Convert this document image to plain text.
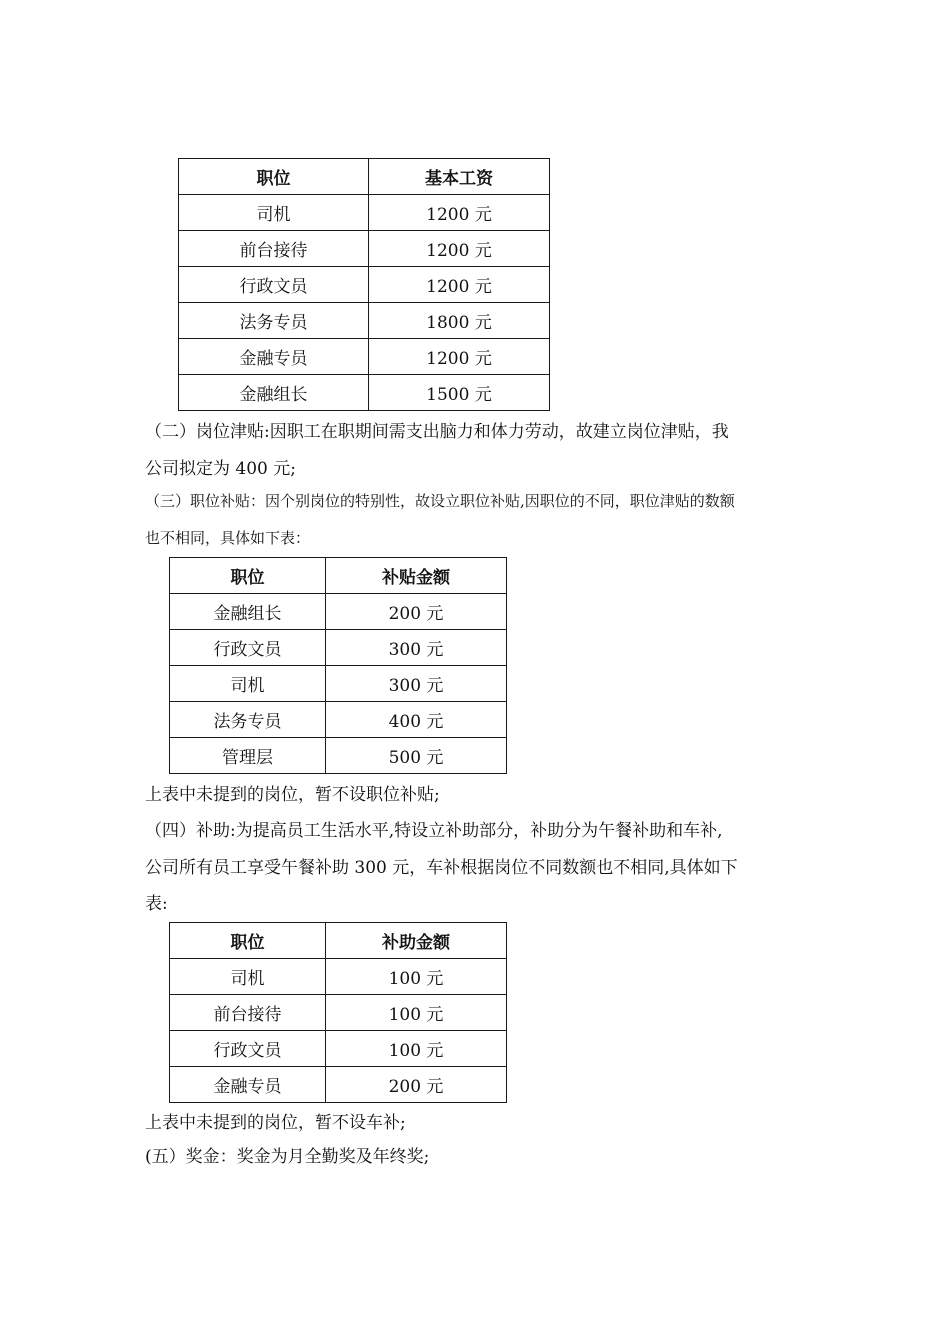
职位	基本工资
司机	1200 元
前台接待	1200 元
行政文员	1200 元
法务专员	1800 元
金融专员	1200 元
金融组长	1500 元
（二）岗位津贴:因职工在职期间需支出脑力和体力劳动，故建立岗位津贴，我
公司拟定为 400 元;
（三）职位补贴：因个别岗位的特别性，故设立职位补贴,因职位的不同，职位津贴的数额
也不相同，具体如下表：
职位	补贴金额
金融组长	200 元
行政文员	300 元
司机	300 元
法务专员	400 元
管理层	500 元
上表中未提到的岗位，暂不设职位补贴;
（四）补助:为提高员工生活水平,特设立补助部分，补助分为午餐补助和车补,
公司所有员工享受午餐补助 300 元，车补根据岗位不同数额也不相同,具体如下
表:
职位	补助金额
司机	100 元
前台接待	100 元
行政文员	100 元
金融专员	200 元
上表中未提到的岗位，暂不设车补;
(五）奖金：奖金为月全勤奖及年终奖;
